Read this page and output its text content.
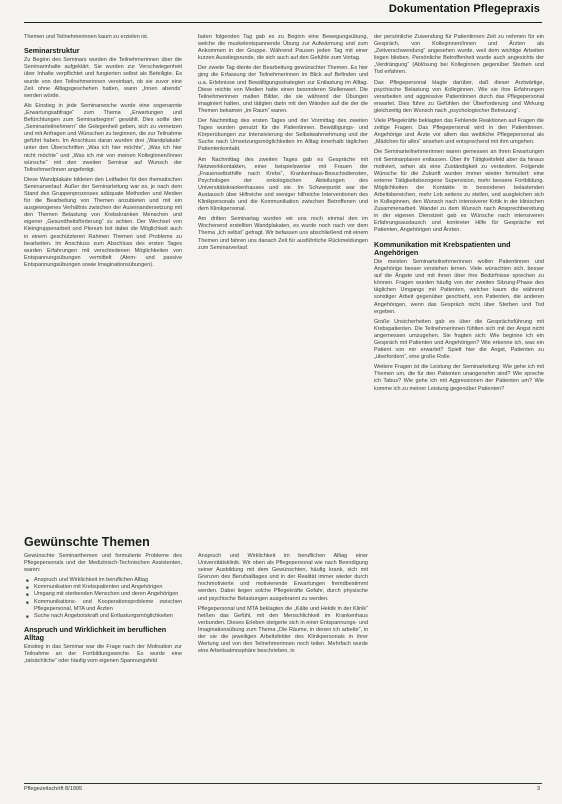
Dokumentation Pflegepraxis

Themen und Teilnehmerinnen kaum zu erzielen ist.

Seminarstruktur

Zu Beginn des Seminars wurden die Teilnehmerinnen über die Seminarinhalte aufgeklärt. Sie wurden zur Verschwiegenheit über Inhalte verpflichtet und fungierten selbst als Beteiligte. Es wurde von den Teilnehmerinnen vereinbart, ob sie zuvor eine Zeit ohne Alltagsgeschehen hatten, wann „Innen abends“ werden würde.

Als Einstieg in jede Seminarwoche wurde eine sogenannte „Erwartungsabfrage“ zum Thema „Erwartungen und Befürchtungen zum Seminarbeginn“ gewählt. Dies sollte den „Seminarteilnehmern“ die Gelegenheit geben, sich zu vernetzen und mit Anfragen und Wünschen zu beginnen, die zur Teilnahme geführt haben. Im Anschluss daran wurden drei „Wandplakate“ unter den Überschriften „Was ich hier möchte“, „Was ich hier nicht möchte“ und „Was ich mir von meinen Kolleginnen/Innen wünsche“ mit den zweiten Seminar auf Wunsch der Teilnehmer/Innen angefertigt.

Diese Wandplakate bildeten den Leitfaden für den thematischen Seminarverlauf. Außer der Seminarleitung war es, je nach dem Stand des Gruppenprozesses adäquate Methoden und Medien für die Bearbeitung von Themen anzubieten und mit ein ausgewogenes Verhältnis zwischen der Auseinandersetzung mit den Themen Belastung von Krebskranken Menschen und eigener „Gesundheitsförderung“ zu achten. Der Wechsel von Kleingruppenarbeit und Plenum bot dabei die Möglichkeit auch in einem geschützteren Rahmen Themen und Probleme zu bearbeiten. Im Anschluss zum Abschluss des ersten Tages wurden Erfahrungen mit verschiedenen Möglichkeiten von Entspannungsübungen vermittelt (Atem- und passive Entspannungsübungen sowie Imaginationsübungen).

baten folgenden Tag gab es zu Beginn eine Bewegungsübung, welche die muskelentspannende Übung zur Aufwärmung und zum Ankommen in der Gruppe. Während Pausen jeden Tag mit einer kurzen Ausstiegsrunde, die sich auch auf den Gefühle zum Vortag.

Der zweite Tag diente der Bearbeitung gewünschter Themen. Es hier ging die Erfassung der Teilnehmerinnen im Blick auf Befinden und u.a. Erlebnisse und Bewältigungsstrategien zur Entlastung im Alltag. Diese reichte von Medien hatte einen besonderen Stellenwert. Die Teilnehmerinnen malten Bilder, die sie während der Übungen imaginiert hatten, und tätigten darin mit den Wänden auf die der die Themen bekamen „im Raum“ waren.

Der Nachmittag des ersten Tages und der Vormittag des zweiten Tages wurden genutzt für die Patientinnen. Bewältigungs- und Körperübungen zur Intensivierung der Selbstwahrnehmung und der Suche nach Umsetzungsmöglichkeiten im Alltag innerhalb täglichen Patientenkontakt.

Am Nachmittag des zweiten Tages gab es Gespräche mit Netzwerkkontakten, einer beispielsweise mit Frauen der „Frauenselbsthilfe nach Krebs“, Krankenhaus-Besuchsdiensten, Psychologen der onkologischen Abteilungen des Universitätskrankenhauses und sie. Im Schwerpunkt war der Austausch über Hilfreiche und weniger hilfreiche Interventionen des Klinikpersonals und die Kommunikation zwischen Betroffenen und dem Klinikpersonal.

Am dritten Seminartag wurden wir uns noch einmal den im Wochenend erstellten Wandplakaten, es wurde noch nach vor dem Thema „Ich selbst“ gefragt. Wir befassen uns abschließend mit einem Themen und fahren uns danach Zeit für ausführliche Rückmeldungen zum Seminarverlauf.

der persönliche Zuwendung für Patientinnen Zeit zu nehmen für ein Gespräch, von Kolleginnen/Innen und Ärzten als „Zeitverschwendung“ angesehen wurde, weil dem wichtige Arbeiten liegen blieben. Persönliche Betroffenheit wurde auch angesichts der „Verdrängung“ (Ablösung bei Kolleginnen gegenüber Sterben und Tod erfahren.

Das Pflegepersonal klagte darüber, daß dieser Arztwärtige, psychische Belastung von Kolleginnen. Wie sie ihre Erfahrungen verarbeiten und aggressive Patientinnen durch das Pflegepersonal erwartet. Dies führe zu Gefühlen der Überforderung und Wirkung gleichzeitig den Wunsch nach „psychologischer Betreuung“.

Viele Pflegekräfte beklagten das Fehlende Reaktionen auf Fragen die zeitige Fragen. Das Pflegepersonal wird in den Patientinnen. Angehörige und Ärzte vor allem das weibliche Pflegepersonal als „Mädchen für alles“ ansehen und entsprechend mit ihm umgehen.

Die Seminarteilnehmerinnen waren gemessen an ihren Erwartungen mit Seminarplanen entlassen. Über ihr Tätigkeitsfeld aber da hinaus motiviert, sehen als eine Zuständigkeit zu verändern. Folgende Wünsche für die Zukunft wurden immer wieder formuliert: eine externe Tätigkeitsbezogene Supervision, mehr bessere Fortbildung. Möglichkeiten der Kontakte in besonderen belastenden Arbeitsbereichen, mehr Lob seitens zu stellen, und ausgleichen sich in Kolleginnen, den Wunsch nach intensiverer Kritik in der klinischen Zusammenarbeit. Wandel zu dem Wunsch nach Ansprechbereitung in der eigenen Dienstzeit gab es Wünsche nach intensiveren Erfahrungsaustausch und konkreter Hilfe für Gespräche mit Patienten, Angehörigen und Ärzten.

Kommunikation mit Krebspatienten und Angehörigen

Die meisten Seminarteilnehmerinnen wollen Patientinnen und Angehörige besser verstehen lernen. Viele wünschten sich, besser auf die Ängste und mit ihnen über ihre Bedürfnisse sprechen zu können. Fragen wurden häufig von der zweiten Sitzung-Phase des täglichen Umgangs mit Patienten, welcher kaum die während sonstiger Arbeit gegenüber geschieht, von Patienten, die anderen Angehörigen, wenn das Gespräch nicht über Sterben und Tod ergeben.

Große Unsicherheiten gab es über die Gesprächsführung mit Krebspatienten. Die Teilnehmerinnen fühlten sich mit der Angst nicht angemessen umzugehen. Sie fragten sich: Wie beginne ich ein Gespräch mit Patienten und Angehörigen? Wie erkenne ich, was ein Patient von mir erwartet? Spielt hier die Angst, Patienten zu „überfordern“, eine große Rolle.

Weitere Fragen ist die Leistung der Seminarleitung: Wie gehe ich mit Themen um, die für den Patienten unangenehm sind? Wie spreche ich Tabus? Wie gehe ich mit Aggressionen der Patienten um? Wie komme ich zu meiner Leistung gegenüber Patienten?

Gewünschte Themen

Gewünschte Seminarthemen und formulierte Probleme des Pflegepersonals und der Medizinisch-Technischen Assistenten, waren:

■ Anspruch und Wirklichkeit im beruflichen Alltag
■ Kommunikation mit Krebspatienten und Angehörigen
■ Umgang mit sterbenden Menschen und deren Angehörigen
■ Kommunikations- und Kooperationsprobleme zwischen Pflegepersonal, MTA und Ärzten
■ Suche nach Angebotskraft und Entlastungsmöglichkeiten
Anspruch und Wirklichkeit im beruflichen Alltag

Einstieg in das Seminar war die Frage nach der Motivation zur Teilnahme an der Fortbildungswoche. Es wurde eine „tatsächliche“ oder häufig vom eigenen Spannungsfeld

Anspruch und Wirklichkeit im beruflichen Alltag einer Universitätsklinik. Wir oben als Pflegepersonal wie nach Beendigung seiner Ausbildung mit dem Gewünschten, häufig krank, sich mit Grenzen des Berufsalltages und in der Realität immer wieder durch hochmotivierte und motivierende Erwartungen fremdbestimmt werden. Dabei liegen solche Pflegekräfte Gefahr, durch physische und psychische Belastungen ausgebrannt zu werden.

Pflegepersonal und MTA beklagten die „Kälte und Hektik in der Klinik“ heißen das Gefühl, mit den Menschlichkeit im Krankenhaus verbunden. Dieses Erleben steigerte sich in einer Entspannungs- und Imaginationsübung zum Thema „Die Räume, in denen ich arbeite“, in der sie die jeweiligen Arbeitsfelder des Klinikpersonals in ihrer Wertung und von den Teilnehmerinnen noch teilen. Mehrfach wurde eine Arbeitsatmosphäre beschrieben, in

Pflegezeitschrift 8/1995	3
